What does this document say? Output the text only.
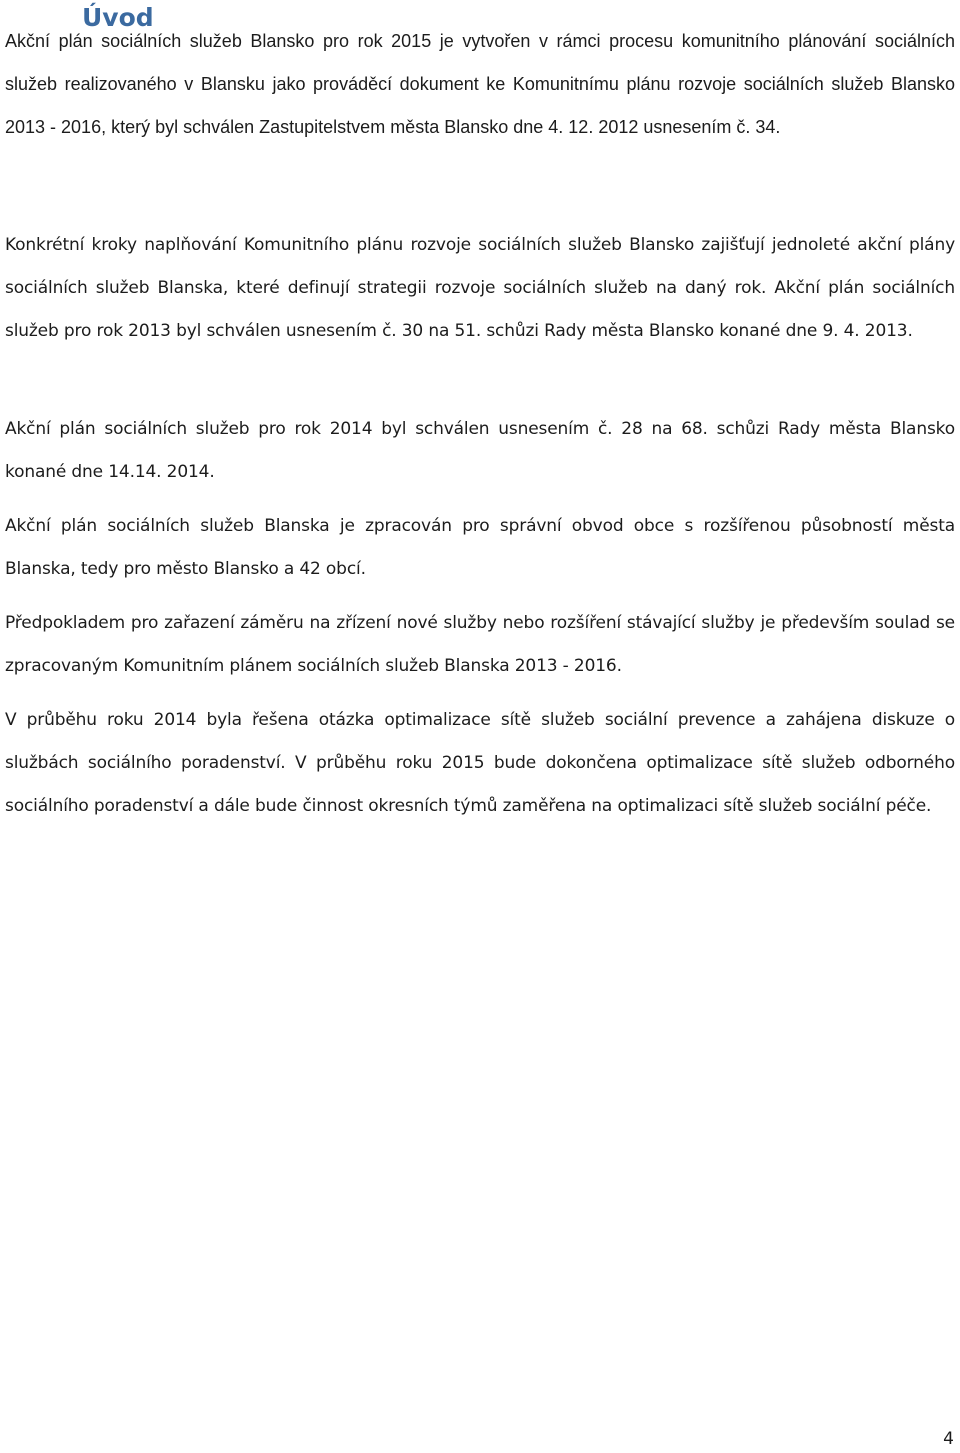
Úvod

Akční plán sociálních služeb Blansko pro rok 2015 je vytvořen v rámci procesu komunitního plánování sociálních služeb realizovaného v Blansku jako prováděcí dokument ke Komunitnímu plánu rozvoje sociálních služeb Blansko 2013 - 2016, který byl schválen Zastupitelstvem města Blansko dne 4. 12. 2012 usnesením č. 34.

Konkrétní kroky naplňování Komunitního plánu rozvoje sociálních služeb Blansko zajišťují jednoleté akční plány sociálních služeb Blanska, které definují strategii rozvoje sociálních služeb na daný rok. Akční plán sociálních služeb pro rok 2013 byl schválen usnesením č. 30 na 51. schůzi Rady města Blansko konané dne 9. 4. 2013.

Akční plán sociálních služeb pro rok 2014 byl schválen usnesením č. 28 na 68. schůzi Rady města Blansko konané dne 14.14. 2014.

Akční plán sociálních služeb Blanska je zpracován pro správní obvod obce s rozšířenou působností města Blanska, tedy pro město Blansko a 42 obcí.

Předpokladem pro zařazení záměru na zřízení nové služby nebo rozšíření stávající služby je především soulad se zpracovaným Komunitním plánem sociálních služeb Blanska 2013 - 2016.

V průběhu roku 2014 byla řešena otázka optimalizace sítě služeb sociální prevence a zahájena diskuze o službách sociálního poradenství. V průběhu roku 2015 bude dokončena optimalizace sítě služeb odborného sociálního poradenství a dále bude činnost okresních týmů zaměřena na optimalizaci sítě služeb sociální péče.

4
